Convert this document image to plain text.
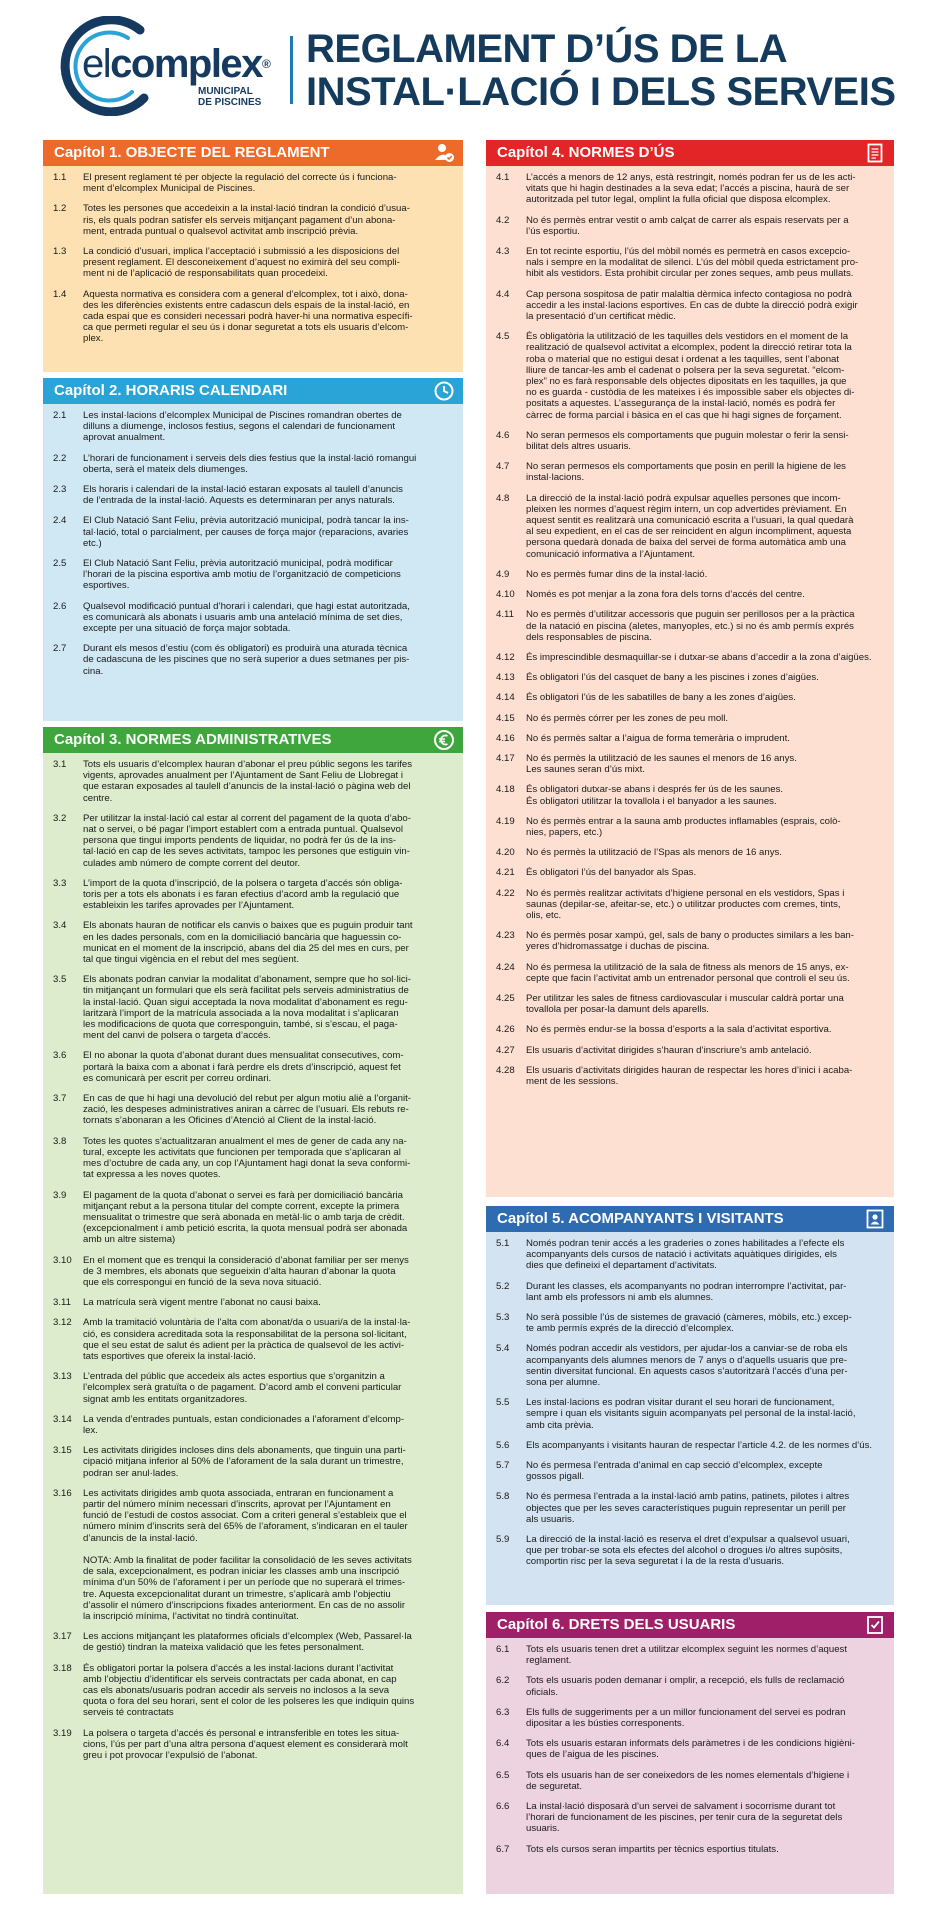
elcomplex®
MUNICIPAL
DE PISCINES
REGLAMENT D’ÚS DE LA
INSTAL·LACIÓ I DELS SERVEIS
Capítol 1. OBJECTE DEL REGLAMENT
1.1	El present reglament té per objecte la regulació del correcte ús i funciona-
ment d’elcomplex Municipal de Piscines.
1.2	Totes les persones que accedeixin a la instal·lació tindran la condició d’usua-
ris, els quals podran satisfer els serveis mitjançant pagament d’un abona-
ment, entrada puntual o qualsevol activitat amb inscripció prèvia.
1.3	La condició d’usuari, implica l’acceptació i submissió a les disposicions del
present reglament. El desconeixement d’aquest no eximirà del seu compli-
ment ni de l’aplicació de responsabilitats quan procedeixi.
1.4	Aquesta normativa es considera com a general d’elcomplex, tot i això, dona-
des les diferències existents entre cadascun dels espais de la instal·lació, en
cada espai que es consideri necessari podrà haver-hi una normativa específi-
ca que permeti regular el seu ús i donar seguretat a tots els usuaris d’elcom-
plex.
Capítol 2. HORARIS CALENDARI
2.1	Les instal·lacions d’elcomplex Municipal de Piscines romandran obertes de
dilluns a diumenge, inclosos festius, segons el calendari de funcionament
aprovat anualment.
2.2	L’horari de funcionament i serveis dels dies festius que la instal·lació romangui
oberta, serà el mateix dels diumenges.
2.3	Els horaris i calendari de la instal·lació estaran exposats al taulell d’anuncis
de l’entrada de la instal·lació. Aquests es determinaran per anys naturals.
2.4	El Club Natació Sant Feliu, prèvia autorització municipal, podrà tancar la ins-
tal·lació, total o parcialment, per causes de força major (reparacions, avaries
etc.)
2.5	El Club Natació Sant Feliu, prèvia autorització municipal, podrà modificar
l’horari de la piscina esportiva amb motiu de l’organització de competicions
esportives.
2.6	Qualsevol modificació puntual d’horari i calendari, que hagi estat autoritzada,
es comunicarà als abonats i usuaris amb una antelació mínima de set dies,
excepte per una situació de força major sobtada.
2.7	Durant els mesos d’estiu (com és obligatori) es produirà una aturada tècnica
de cadascuna de les piscines que no serà superior a dues setmanes per pis-
cina.
Capítol 3. NORMES ADMINISTRATIVES
3.1	Tots els usuaris d’elcomplex hauran d’abonar el preu públic segons les tarifes
vigents, aprovades anualment per l’Ajuntament de Sant Feliu de Llobregat i
que estaran exposades al taulell d’anuncis de la instal·lació o pàgina web del
centre.
3.2	Per utilitzar la instal·lació cal estar al corrent del pagament de la quota d’abo-
nat o servei, o bé pagar l’import establert com a entrada puntual. Qualsevol
persona que tingui imports pendents de liquidar, no podrà fer ús de la ins-
tal·lació en cap de les seves activitats, tampoc les persones que estiguin vin-
culades amb número de compte corrent del deutor.
3.3	L’import de la quota d’inscripció, de la polsera o targeta d’accés són obliga-
toris per a tots els abonats i es faran efectius d’acord amb la regulació que
estableixin les tarifes aprovades per l’Ajuntament.
3.4	Els abonats hauran de notificar els canvis o baixes que es puguin produir tant
en les dades personals, com en la domiciliació bancària que haguessin co-
municat en el moment de la inscripció, abans del dia 25 del mes en curs, per
tal que tingui vigència en el rebut del mes següent.
3.5	Els abonats podran canviar la modalitat d’abonament, sempre que ho sol·lici-
tin mitjançant un formulari que els serà facilitat pels serveis administratius de
la instal·lació. Quan sigui acceptada la nova modalitat d’abonament es regu-
laritzarà l’import de la matrícula associada a la nova modalitat i s’aplicaran
les modificacions de quota que corresponguin, també, si s’escau, el paga-
ment del canvi de polsera o targeta d’accés.
3.6	El no abonar la quota d’abonat durant dues mensualitat consecutives, com-
portarà la baixa com a abonat i farà perdre els drets d’inscripció, aquest fet
es comunicarà per escrit per correu ordinari.
3.7	En cas de que hi hagi una devolució del rebut per algun motiu aliè a l’organit-
zació, les despeses administratives aniran a càrrec de l’usuari. Els rebuts re-
tornats s’abonaran a les Oficines d’Atenció al Client de la instal·lació.
3.8	Totes les quotes s’actualitzaran anualment el mes de gener de cada any na-
tural, excepte les activitats que funcionen per temporada que s’aplicaran al
mes d’octubre de cada any, un cop l’Ajuntament hagi donat la seva conformi-
tat expressa a les noves quotes.
3.9	El pagament de la quota d’abonat o servei es farà per domiciliació bancària
mitjançant rebut a la persona titular del compte corrent, excepte la primera
mensualitat o trimestre que serà abonada en metàl·lic o amb tarja de crèdit.
(excepcionalment i amb petició escrita, la quota mensual podrà ser abonada
amb un altre sistema)
3.10	En el moment que es trenqui la consideració d’abonat familiar per ser menys
de 3 membres, els abonats que segueixin d’alta hauran d’abonar la quota
que els correspongui en funció de la seva nova situació.
3.11	La matrícula serà vigent mentre l’abonat no causi baixa.
3.12	Amb la tramitació voluntària de l’alta com abonat/da o usuari/a de la instal·la-
ció, es considera acreditada sota la responsabilitat de la persona sol·licitant,
que el seu estat de salut és adient per la pràctica de qualsevol de les activi-
tats esportives que ofereix la instal·lació.
3.13	L’entrada del públic que accedeix als actes esportius que s’organitzin a
l’elcomplex serà gratuïta o de pagament. D’acord amb el conveni particular
signat amb les entitats organitzadores.
3.14	La venda d’entrades puntuals, estan condicionades a l’aforament d’elcomp-
lex.
3.15	Les activitats dirigides incloses dins dels abonaments, que tinguin una parti-
cipació mitjana inferior al 50% de l’aforament de la sala durant un trimestre,
podran ser anul·lades.
3.16	Les activitats dirigides amb quota associada, entraran en funcionament a
partir del número mínim necessari d’inscrits, aprovat per l’Ajuntament en
funció de l’estudi de costos associat. Com a criteri general s’estableix que el
número mínim d’inscrits serà del 65% de l’aforament, s’indicaran en el tauler
d’anuncis de la instal·lació.

NOTA: Amb la finalitat de poder facilitar la consolidació de les seves activitats
de sala, excepcionalment, es podran iniciar les classes amb una inscripció
mínima d’un 50% de l’aforament i per un període que no superarà el trimes-
tre. Aquesta excepcionalitat durant un trimestre, s’aplicarà amb l’objectiu
d’assolir el número d’inscripcions fixades anteriorment. En cas de no assolir
la inscripció mínima, l’activitat no tindrà continuïtat.
3.17	Les accions mitjançant les plataformes oficials d’elcomplex (Web, Passarel·la
de gestió) tindran la mateixa validació que les fetes personalment.
3.18	És obligatori portar la polsera d’accés a les instal·lacions durant l’activitat
amb l’objectiu d’identificar els serveis contractats per cada abonat, en cap
cas els abonats/usuaris podran accedir als serveis no inclosos a la seva
quota o fora del seu horari, sent el color de les polseres les que indiquin quins
serveis té contractats
3.19	La polsera o targeta d’accés és personal e intransferible en totes les situa-
cions, l’ús per part d’una altra persona d’aquest element es considerarà molt
greu i pot provocar l’expulsió de l’abonat.
Capítol 4. NORMES D’ÚS
4.1	L’accés a menors de 12 anys, està restringit, només podran fer us de les acti-
vitats que hi hagin destinades a la seva edat; l’accés a piscina, haurà de ser
autoritzada pel tutor legal, omplint la fulla oficial que disposa elcomplex.
4.2	No és permès entrar vestit o amb calçat de carrer als espais reservats per a
l’ús esportiu.
4.3	En tot recinte esportiu, l’ús del mòbil només es permetrà en casos excepcio-
nals i sempre en la modalitat de silenci. L’ús del mòbil queda estrictament pro-
hibit als vestidors. Esta prohibit circular per zones seques, amb peus mullats.
4.4	Cap persona sospitosa de patir malaltia dèrmica infecto contagiosa no podrà
accedir a les instal·lacions esportives. En cas de dubte la direcció podrà exigir
la presentació d’un certificat mèdic.
4.5	És obligatòria la utilització de les taquilles dels vestidors en el moment de la
realització de qualsevol activitat a elcomplex, podent la direcció retirar tota la
roba o material que no estigui desat i ordenat a les taquilles, sent l’abonat
lliure de tancar-les amb el cadenat o polsera per la seva seguretat. “elcom-
plex” no es farà responsable dels objectes dipositats en les taquilles, ja que
no es guarda - custòdia de les mateixes i és impossible saber els objectes di-
positats a aquestes. L’assegurança de la instal·lació, només es podrà fer
càrrec de forma parcial i bàsica en el cas que hi hagi signes de forçament.
4.6	No seran permesos els comportaments que puguin molestar o ferir la sensi-
bilitat dels altres usuaris.
4.7	No seran permesos els comportaments que posin en perill la higiene de les
instal·lacions.
4.8	La direcció de la instal·lació podrà expulsar aquelles persones que incom-
pleixen les normes d’aquest règim intern, un cop advertides prèviament. En
aquest sentit es realitzarà una comunicació escrita a l’usuari, la qual quedarà
al seu expedient, en el cas de ser reincident en algun incompliment, aquesta
persona quedarà donada de baixa del servei de forma automàtica amb una
comunicació informativa a l’Ajuntament.
4.9	No es permès fumar dins de la instal·lació.
4.10	Només es pot menjar a la zona fora dels torns d’accés del centre.
4.11	No es permès d’utilitzar accessoris que puguin ser perillosos per a la pràctica
de la natació en piscina (aletes, manyoples, etc.) si no és amb permís exprés
dels responsables de piscina.
4.12	És imprescindible desmaquillar-se i dutxar-se abans d’accedir a la zona d’aigües.
4.13	És obligatori l’ús del casquet de bany a les piscines i zones d’aigües.
4.14	És obligatori l’ús de les sabatilles de bany a les zones d’aigües.
4.15	No és permès córrer per les zones de peu moll.
4.16	No és permès saltar a l’aigua de forma temerària o imprudent.
4.17	No és permès la utilització de les saunes el menors de 16 anys.
Les saunes seran d’ús mixt.
4.18	És obligatori dutxar-se abans i després fer ús de les saunes.
És obligatori utilitzar la tovallola i el banyador a les saunes.
4.19	No és permès entrar a la sauna amb productes inflamables (esprais, colò-
nies, papers, etc.)
4.20	No és permès la utilització de l’Spas als menors de 16 anys.
4.21	És obligatori l’ús del banyador als Spas.
4.22	No és permès realitzar activitats d’higiene personal en els vestidors, Spas i
saunas (depilar-se, afeitar-se, etc.) o utilitzar productes com cremes, tints,
olis, etc.
4.23	No és permès posar xampú, gel, sals de bany o productes similars a les ban-
yeres d’hidromassatge i duchas de piscina.
4.24	No és permesa la utilització de la sala de fitness als menors de 15 anys, ex-
cepte que facin l’activitat amb un entrenador personal que controli el seu ús.
4.25	Per utilitzar les sales de fitness cardiovascular i muscular caldrà portar una
tovallola per posar-la damunt dels aparells.
4.26	No és permès endur-se la bossa d’esports a la sala d’activitat esportiva.
4.27	Els usuaris d’activitat dirigides s’hauran d’inscriure’s amb antelació.
4.28	Els usuaris d’activitats dirigides hauran de respectar les hores d’inici i acaba-
ment de les sessions.
Capítol 5. ACOMPANYANTS I VISITANTS
5.1	Només podran tenir accés a les graderies o zones habilitades a l’efecte els
acompanyants dels cursos de natació i activitats aquàtiques dirigides, els
dies que defineixi el departament d’activitats.
5.2	Durant les classes, els acompanyants no podran interrompre l’activitat, par-
lant amb els professors ni amb els alumnes.
5.3	No serà possible l’ús de sistemes de gravació (càmeres, mòbils, etc.) excep-
te amb permís exprés de la direcció d’elcomplex.
5.4	Només podran accedir als vestidors, per ajudar-los a canviar-se de roba els
acompanyants dels alumnes menors de 7 anys o d’aquells usuaris que pre-
sentin diversitat funcional. En aquests casos s’autoritzarà l’accés d’una per-
sona per alumne.
5.5	Les instal·lacions es podran visitar durant el seu horari de funcionament,
sempre i quan els visitants siguin acompanyats pel personal de la instal·lació,
amb cita prèvia.
5.6	Els acompanyants i visitants hauran de respectar l’article 4.2. de les normes d’ús.
5.7	No és permesa l’entrada d’animal en cap secció d’elcomplex, excepte
gossos pigall.
5.8	No és permesa l’entrada a la instal·lació amb patins, patinets, pilotes i altres
objectes que per les seves característiques puguin representar un perill per
als usuaris.
5.9	La direcció de la instal·lació es reserva el dret d’expulsar a qualsevol usuari,
que per trobar-se sota els efectes del alcohol o drogues i/o altres supòsits,
comportin risc per la seva seguretat i la de la resta d’usuaris.
Capítol 6. DRETS DELS USUARIS
6.1	Tots els usuaris tenen dret a utilitzar elcomplex seguint les normes d’aquest
reglament.
6.2	Tots els usuaris poden demanar i omplir, a recepció, els fulls de reclamació
oficials.
6.3	Els fulls de suggeriments per a un millor funcionament del servei es podran
dipositar a les bústies corresponents.
6.4	Tots els usuaris estaran informats dels paràmetres i de les condicions higièni-
ques de l’aigua de les piscines.
6.5	Tots els usuaris han de ser coneixedors de les nomes elementals d’higiene i
de seguretat.
6.6	La instal·lació disposarà d’un servei de salvament i socorrisme durant tot
l’horari de funcionament de les piscines, per tenir cura de la seguretat dels
usuaris.
6.7	Tots els cursos seran impartits per tècnics esportius titulats.
